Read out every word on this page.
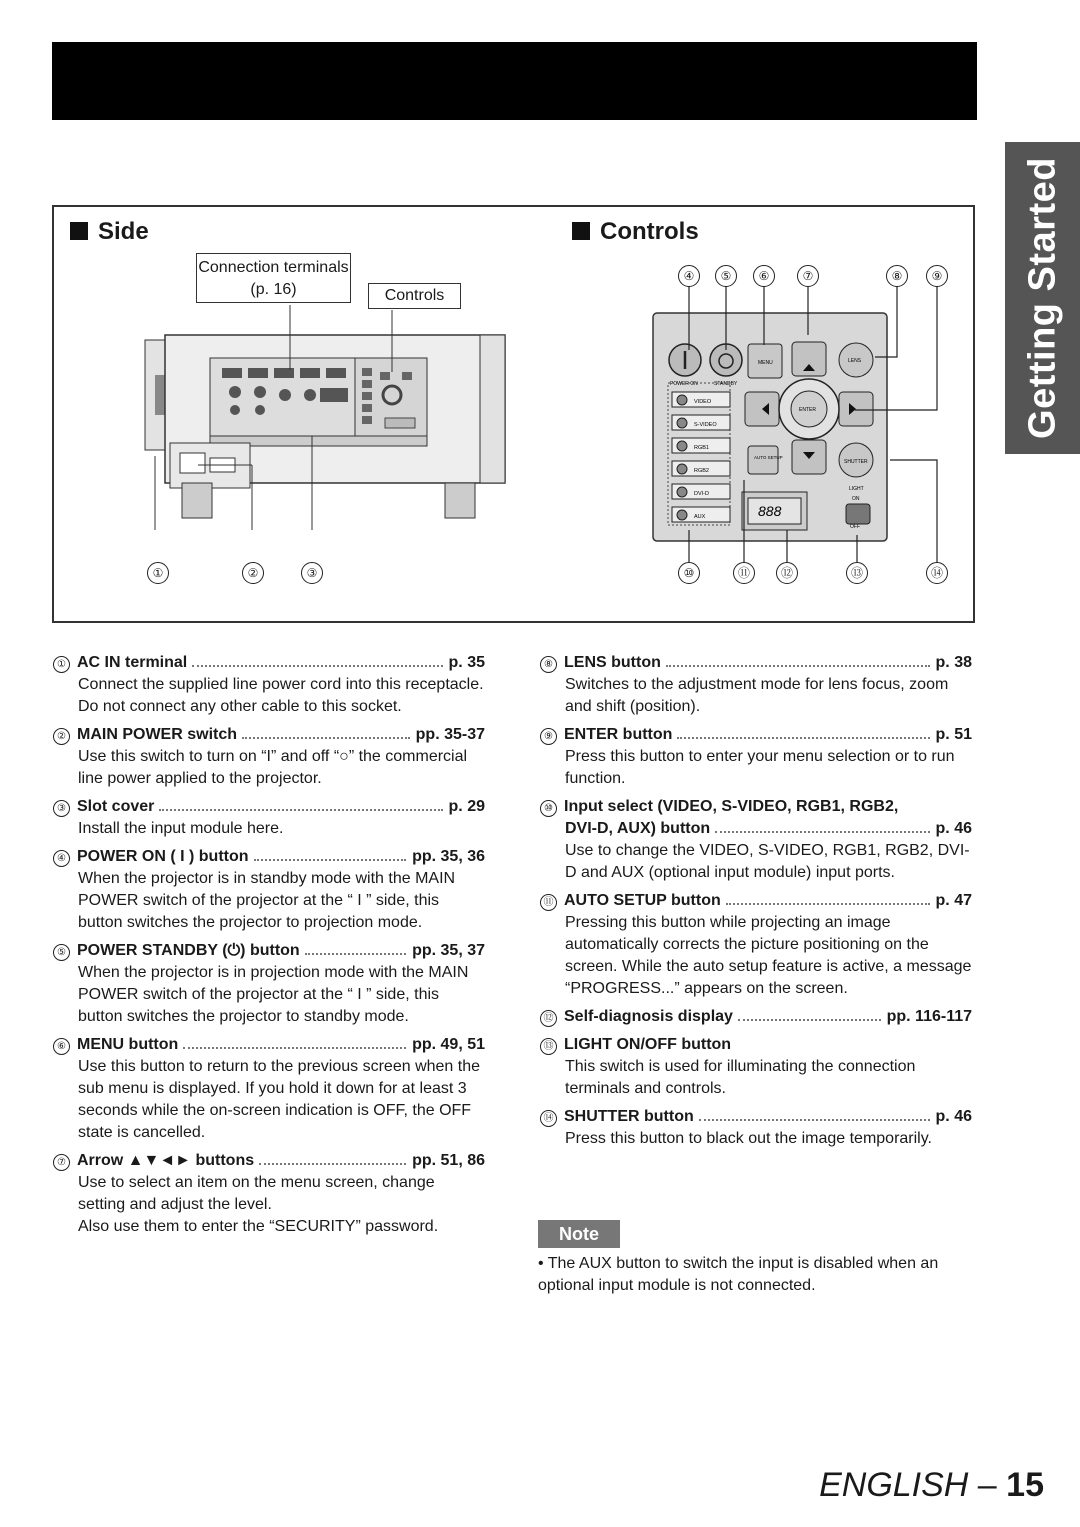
Getting Started
Side	Controls
Connection terminals (p. 16)	Controls
①	②	③
POWER ON	STANDBY
MENU	LENS
ENTER
VIDEO
S-VIDEO
RGB1
RGB2
DVI-D
AUX
AUTO SETUP
888
SHUTTER
LIGHT
ON
OFF
④	⑤	⑥	⑦	⑧	⑨
⑩	⑪	⑫	⑬	⑭
① AC IN terminal	p. 35
Connect the supplied line power cord into this receptacle.
Do not connect any other cable to this socket.
② MAIN POWER switch	pp. 35-37
Use this switch to turn on “I” and off “○” the commercial line power applied to the projector.
③ Slot cover	p. 29
Install the input module here.
④ POWER ON ( I ) button	pp. 35, 36
When the projector is in standby mode with the MAIN POWER switch of the projector at the “ I ” side, this button switches the projector to projection mode.
⑤ POWER STANDBY (⏻) button	pp. 35, 37
When the projector is in projection mode with the MAIN POWER switch of the projector at the “ I ” side, this button switches the projector to standby mode.
⑥ MENU button	pp. 49, 51
Use this button to return to the previous screen when the sub menu is displayed. If you hold it down for at least 3 seconds while the on-screen indication is OFF, the OFF state is cancelled.
⑦ Arrow ▲▼◄► buttons	pp. 51, 86
Use to select an item on the menu screen, change setting and adjust the level.
Also use them to enter the “SECURITY” password.
⑧ LENS button	p. 38
Switches to the adjustment mode for lens focus, zoom and shift (position).
⑨ ENTER button	p. 51
Press this button to enter your menu selection or to run function.
⑩ Input select (VIDEO, S-VIDEO, RGB1, RGB2,
DVI-D, AUX) button	p. 46
Use to change the VIDEO, S-VIDEO, RGB1, RGB2, DVI-D and AUX (optional input module) input ports.
⑪ AUTO SETUP button	p. 47
Pressing this button while projecting an image automatically corrects the picture positioning on the screen. While the auto setup feature is active, a message “PROGRESS...” appears on the screen.
⑫ Self-diagnosis display	pp. 116-117
⑬ LIGHT ON/OFF button
This switch is used for illuminating the connection terminals and controls.
⑭ SHUTTER button	p. 46
Press this button to black out the image temporarily.
Note
• The AUX button to switch the input is disabled when an optional input module is not connected.
ENGLISH – 15
